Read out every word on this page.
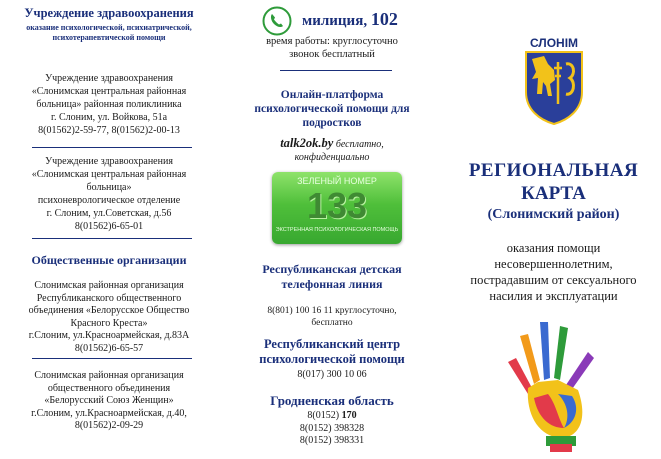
Учреждение здравоохранения
оказание психологической, психиатрической, психотерапевтической помощи
Учреждение здравоохранения
«Слонимская центральная районная
больница» районная поликлиника
г. Слоним, ул. Войкова, 51а
8(01562)2-59-77, 8(01562)2-00-13
Учреждение здравоохранения
«Слонимская центральная районная
больница»
психоневрологическое отделение
г. Слоним, ул.Советская, д.56
8(01562)6-65-01
Общественные организации
Слонимская районная организация
Республиканского общественного
объединения «Белорусское Общество
Красного Креста»
г.Слоним, ул.Красноармейская, д.83А
8(01562)6-65-57
Слонимская районная организация
общественного объединения
«Белорусский Союз Женщин»
г.Слоним, ул.Красноармейская, д.40,
8(01562)2-09-29
милиция, 102
время работы: круглосуточно
звонок бесплатный
Онлайн-платформа
психологической помощи для
подростков
talk2ok.by бесплатно,
конфиденциально
ЗЕЛЕНЫЙ НОМЕР
133
ЭКСТРЕННАЯ ПСИХОЛОГИЧЕСКАЯ ПОМОЩЬ
Республиканская детская
телефонная линия
8(801) 100 16 11 круглосуточно,
бесплатно
Республиканский центр
психологической помощи
8(017) 300 10 06
Гродненская область
8(0152) 170
8(0152) 398328
8(0152) 398331
СЛОНІМ
РЕГИОНАЛЬНАЯ
КАРТА
(Слонимский район)
оказания помощи
несовершеннолетним,
пострадавшим от сексуального
насилия и эксплуатации
